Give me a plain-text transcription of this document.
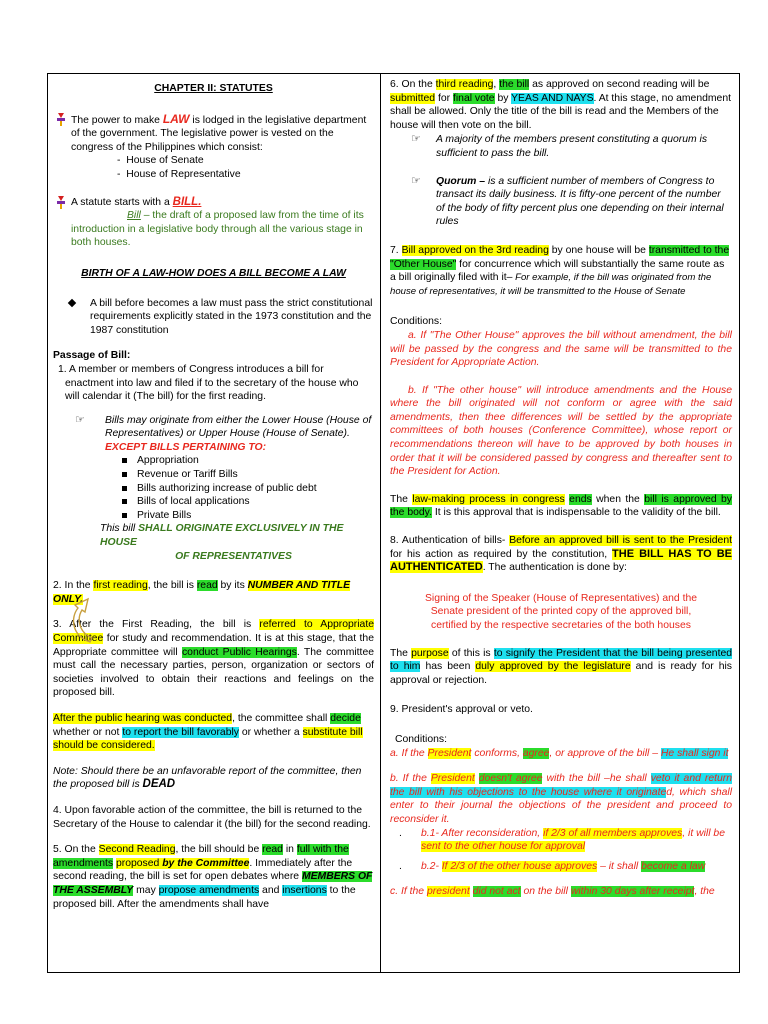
CHAPTER II: STATUTES

The power to make LAW is lodged in the legislative department of the government. The legislative power is vested on the congress of the Philippines which consist:

-  House of Senate

-  House of Representative

A statute starts with a BILL.

Bill – the draft of a proposed law from the time of its introduction in a legislative body through all the various stage in both houses.

BIRTH OF A LAW-HOW DOES A BILL BECOME A LAW

A bill before becomes a law must pass the strict constitutional requirements explicitly stated in the 1973 constitution and the 1987 constitution

Passage of Bill:

1. A member or members of Congress introduces a bill for enactment into law and filed if to the secretary of the house who will calendar it (The bill) for the first reading.

☞	Bills may originate from either the Lower House (House of Representatives) or Upper House (House of Senate).

EXCEPT BILLS PERTAINING TO:

Appropriation

Revenue or Tariff Bills

Bills authorizing increase of public debt

Bills of local applications

Private Bills

This bill SHALL ORIGINATE EXCLUSIVELY IN THE HOUSE

OF REPRESENTATIVES

2. In the first reading, the bill is read by its NUMBER AND TITLE ONLY.

3. After the First Reading, the bill is referred to Appropriate Committee for study and recommendation. It is at this stage, that the Appropriate committee will conduct Public Hearings. The committee must call the necessary parties, person, organization or sectors of societies involved to obtain their reactions and feelings on the proposed bill.

After the public hearing was conducted, the committee shall decide whether or not to report the bill favorably or whether a substitute bill should be considered.

Note: Should there be an unfavorable report of the committee, then the proposed bill is DEAD

4. Upon favorable action of the committee, the bill is returned to the Secretary of the House to calendar it (the bill) for the second reading.

5. On the Second Reading, the bill should be read in full with the amendments proposed by the Committee. Immediately after the second reading, the bill is set for open debates where MEMBERS OF THE ASSEMBLY may propose amendments and insertions to the proposed bill. After the amendments shall have

6. On the third reading, the bill as approved on second reading will be submitted for final vote by YEAS AND NAYS. At this stage, no amendment shall be allowed. Only the title of the bill is read and the Members of the house will then vote on the bill.

☞	A majority of the members present constituting a quorum is sufficient to pass the bill.

☞	Quorum – is a sufficient number of members of Congress to transact its daily business. It is fifty-one percent of the number of the body of fifty percent plus one depending on their internal rules

7. Bill approved on the 3rd reading by one house will be transmitted to the "Other House" for concurrence which will substantially the same route as a bill originally filed with it– For example, if the bill was originated from the house of representatives, it will be transmitted to the House of Senate

Conditions:

a. If "The Other House" approves the bill without amendment, the bill will be passed by the congress and the same will be transmitted to the President for Appropriate Action.

b. If "The other house" will introduce amendments and the House where the bill originated will not conform or agree with the said amendments, then thee differences will be settled by the appropriate committees of both houses (Conference Committee), whose report or recommendations thereon will have to be approved by both houses in order that it will be considered passed by congress and thereafter sent to the President for Action.

The law-making process in congress ends when the bill is approved by the body. It is this approval that is indispensable to the validity of the bill.

8. Authentication of bills- Before an approved bill is sent to the President for his action as required by the constitution, THE BILL HAS TO BE AUTHENTICATED. The authentication is done by:

Signing of the Speaker (House of Representatives) and the

Senate president of the printed copy of the approved bill,

certified by the respective secretaries of the both houses

The purpose of this is to signify the President that the bill being presented to him has been duly approved by the legislature and is ready for his approval or rejection.

9. President's approval or veto.

Conditions:

a. If the President conforms, agree, or approve of the bill – He shall sign it

b. If the President doesn't agree with the bill –he shall veto it and return the bill with his objections to the house where it originated, which shall enter to their journal the objections of the president and proceed to reconsider it.

.	b.1- After reconsideration, if 2/3 of all members approves, it will be sent to the other house for approval

.	b.2- If 2/3 of the other house approves – it shall become a law

c. If the president did not act on the bill within 30 days after receipt, the
